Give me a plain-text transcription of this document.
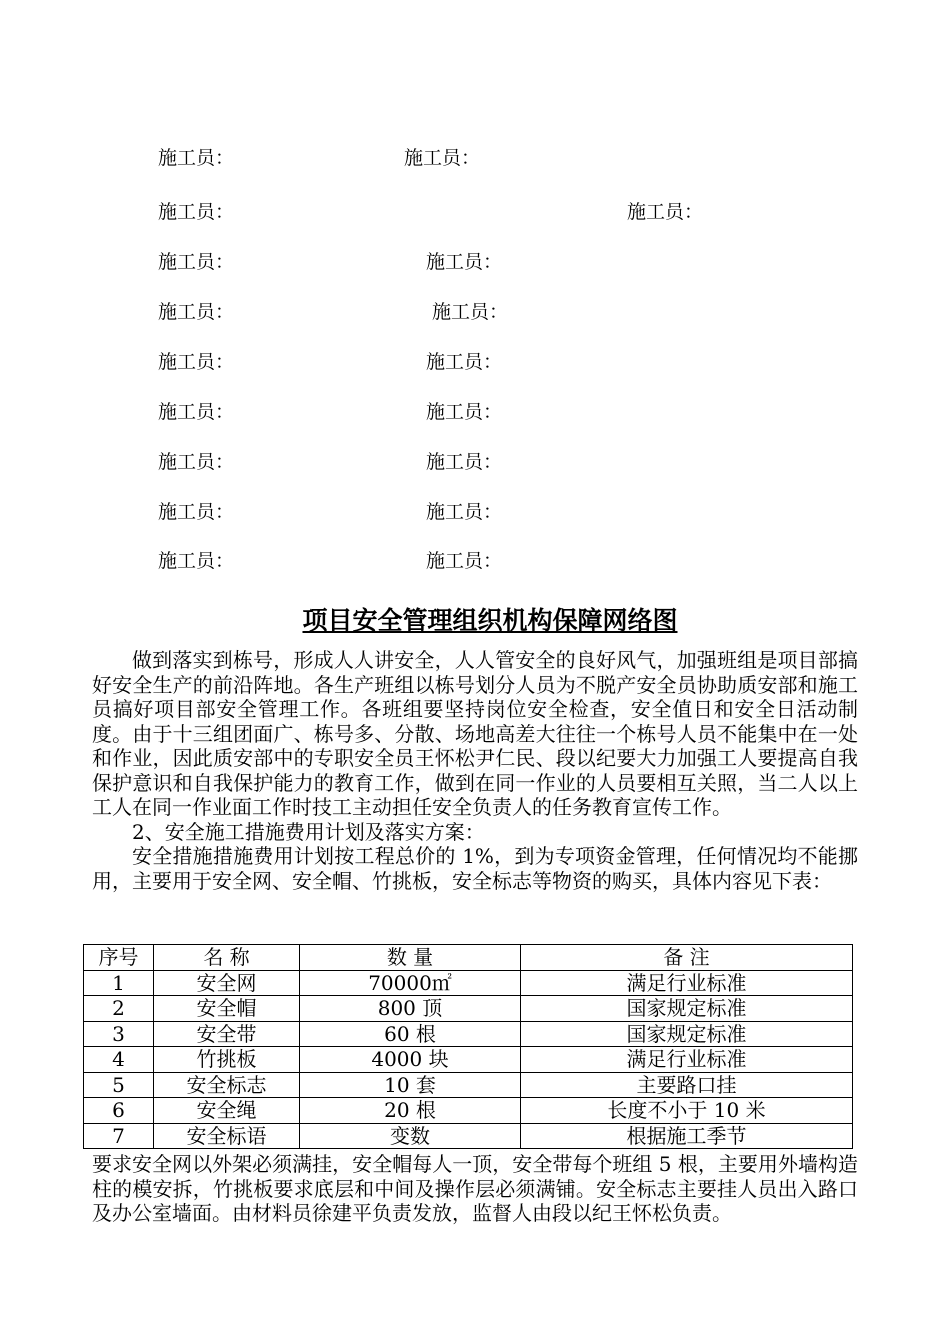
施工员：	施工员：
施工员：	施工员：
施工员：	施工员：
施工员：	施工员：
施工员：	施工员：
施工员：	施工员：
施工员：	施工员：
施工员：	施工员：
施工员：	施工员：
项目安全管理组织机构保障网络图

做到落实到栋号，形成人人讲安全，人人管安全的良好风气，加强班组是项目部搞好安全生产的前沿阵地。各生产班组以栋号划分人员为不脱产安全员协助质安部和施工员搞好项目部安全管理工作。各班组要坚持岗位安全检查，安全值日和安全日活动制度。由于十三组团面广、栋号多、分散、场地高差大往往一个栋号人员不能集中在一处和作业，因此质安部中的专职安全员王怀松尹仁民、段以纪要大力加强工人要提高自我保护意识和自我保护能力的教育工作，做到在同一作业的人员要相互关照，当二人以上工人在同一作业面工作时技工主动担任安全负责人的任务教育宣传工作。

2、安全施工措施费用计划及落实方案：

安全措施措施费用计划按工程总价的 1%，到为专项资金管理，任何情况均不能挪用，主要用于安全网、安全帽、竹挑板，安全标志等物资的购买，具体内容见下表：

序号	名 称	数 量	备 注
1	安全网	70000㎡	满足行业标准
2	安全帽	800 顶	国家规定标准
3	安全带	60 根	国家规定标准
4	竹挑板	4000 块	满足行业标准
5	安全标志	10 套	主要路口挂
6	安全绳	20 根	长度不小于 10 米
7	安全标语	变数	根据施工季节

要求安全网以外架必须满挂，安全帽每人一顶，安全带每个班组 5 根，主要用外墙构造柱的模安拆，竹挑板要求底层和中间及操作层必须满铺。安全标志主要挂人员出入路口及办公室墙面。由材料员徐建平负责发放，监督人由段以纪王怀松负责。
